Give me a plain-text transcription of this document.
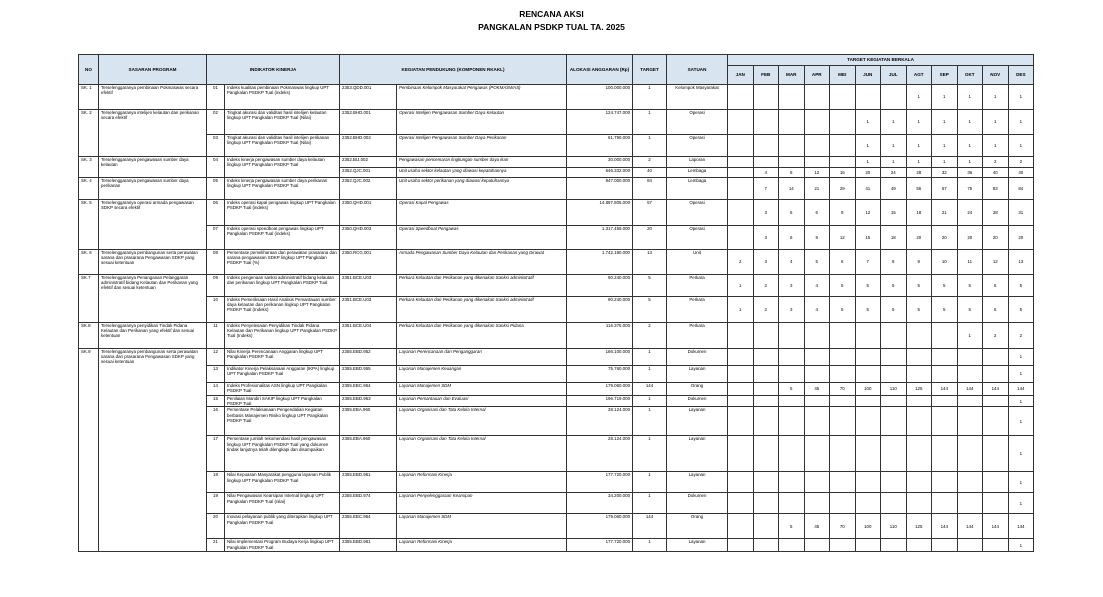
RENCANA AKSI
PANGKALAN PSDKP TUAL TA. 2025
NO	SASARAN PROGRAM	INDIKATOR KINERJA		KEGIATAN PENDUKUNG (KOMPONEN RKAKL)		ALOKASI ANGGARAN (Rp)	TARGET	SATUAN	TARGET KEGIATAN BERKALA											
									JAN	FEB	MAR	APR	MEI	JUN	JUL	AGT	SEP	OKT	NOV	DES
SK. 1	Terselenggaranya pembinaan Pokmaswas secara efektif	01	Indeks kualitas pembinaan Pokmaswas lingkup UPT Pangkalan PSDKP Tual (indeks)	2353.QDD.001	Pembinaan Kelompok Masyarakat Pengawas (POKMASWAS)	100.000.000	1	Kelompok Masyarakat								1	1	1	1	1
SK. 2	Terselenggaranya intelijen kelautan dan perikanan secara efektif	02	Tingkat akurasi dan validitas hasil intelijen kelautan lingkup UPT Pangkalan PSDKP Tual (Nilai)	2352.BHD.001	Operasi Intelijen Pengawasan Sumber Daya Kelautan	124.747.000	1	Operasi						1	1	1	1	1	1	1
		03	Tingkat akurasi dan validitas hasil intelijen perikanan lingkup UPT Pangkalan PSDKP Tual (Nilai)	2352.BHD.002	Operasi Intelijen Pengawasan Sumber Daya Perikanan	61.790.000	1	Operasi						1	1	1	1	1	1	1
SK. 3	Terselenggaranya pengawasan sumber daya kelautan	04	Indeks kinerja pengawasan sumber daya kelautan lingkup UPT Pangkalan PSDKP Tual	2352.BIJ.002	Pengawasan pencemaran lingkungan sumber daya ikan	30.000.000	2	Laporan						1	1	1	1	1	2	2
				2352.QJC.001	Unit usaha sektor kelautan yang diawasi kepatuhannya	646.332.000	40	Lembaga		4	8	12	16	20	24	28	32	36	40	40
SK. 4	Terselenggaranya pengawasan sumber daya perikanan	05	Indeks kinerja pengawasan sumber daya perikanan lingkup UPT Pangkalan PSDKP Tual	2352.QJC.002	Unit usaha sektor perikanan yang diawasi kepatuhannya	947.000.000	84	Lembaga		7	14	21	29	41	49	56	67	75	83	84
SK. 5	Terselenggaranya operasi armada pengawasan SDKP secara efektif	06	Indeks operasi kapal pengawas lingkup UPT Pangkalan PSDKP Tual (indeks)	2350.QHD.001	Operasi Kapal Pengawas	14.897.805.000	57	Operasi		3	6	6	9	12	15	18	21	24	28	31
		07	Indeks operasi speedboat pengawas lingkup UPT Pangkalan PSDKP Tual (indeks)	2350.QHD.003	Operasi Speedboat Pengawas	1.317.459.000	20	Operasi		3	6	9	12	15	18	20	20	20	20	20
SK. 6	Terselenggaranya pembangunan serta perawatan sarana dan prasarana Pengawasan SDKP yang sesuai ketentuan	08	Persentase pemeliharaan dan perawatan prasarana dan sarana pengawasan SDKP lingkup UPT Pangkalan PSDKP Tual (%)	2350.RCG.001	Armada Pengawasan Sumber Daya Kelautan dan Perikanan yang Dirawat	1.742.190.000	13	Unit	2	3	4	5	6	7	8	9	10	11	12	13
SK.7	Terselenggaranya Penanganan Pelanggaran administratif bidang Kelautan dan Perikanan yang efektif dan sesuai ketentuan	09	Indeks pengenaan sanksi administratif bidang kelautan dan perikanan lingkup UPT Pangkalan PSDKP Tual	2351.BCE.U03	Perkara Kelautan dan Perikanan yang dikenakan Sanksi administratif	90.240.000	5	Perkara	1	2	3	4	5	5	5	5	5	5	5	5
		10	Indeks Pemeriksaan Hasil Analisis Pemantauan sumber daya kelautan dan perikanan lingkup UPT Pangkalan PSDKP Tual (Indeks)	2351.BCE.U03	Perkara Kelautan dan Perikanan yang dikenakan Sanksi administratif	90.240.000	5	Perkara	1	2	3	4	5	5	5	5	5	5	5	5
SK.8	Terselenggaranya penyidikan Tindak Pidana Kelautan dan Perikanan yang efektif dan sesuai ketentuan	11	Indeks Penyelesaian Penyidikan Tindak Pidana Kelautan dan Perikanan lingkup UPT Pangkalan PSDKP Tual (Indeks)	2351.BCE.U04	Perkara Kelautan dan Perikanan yang dikenakan Sanksi Pidana	116.375.000	2	Perkara										1	2	2
SK.9	Terselenggaranya pembangunan serta perawatan sarana dan prasarana Pengawasan SDKP yang sesuai ketentuan	12	Nilai Kinerja Perencanaan Anggaran lingkup UPT Pangkalan PSDKP Tual	2355.EBD.952	Layanan Perencanaan dan Penganggaran	166.100.000	1	Dokumen												1
		13	Indikator Kinerja Pelaksanaan Anggaran (IKPA) lingkup UPT Pangkalan PSDKP Tual	2355.EBD.955	Layanan Manajemen Keuangan	75.760.000	1	Layanan												1
		14	Indeks Profesionalitas ASN lingkup UPT Pangkalan PSDKP Tual	2355.EBC.954	Layanan Manajemen SDM	179.060.000	144	Orang			5	45	70	100	110	125	144	144	144	144
		15	Penilaian Mandiri SAKIP lingkup UPT Pangkalan PSDKP Tual	2355.EBD.953	Layanan Pemantauan dan Evaluasi	196.719.000	1	Dokumen												1
		16	Persentase Pelaksanaan Pengendalian Kegiatan berbasis Manajemen Risiko lingkup UPT Pangkalan PSDKP Tual	2355.EBA.960	Layanan Organisasi dan Tata Kelola Internal	28.124.000	1	Layanan												1
		17	Persentase jumlah rekomendasi hasil pengawasan lingkup UPT Pangkalan PSDKP Tual yang dokumen tindak lanjutnya telah dilengkapi dan disampaikan	2355.EBA.960	Layanan Organisasi dan Tata Kelola Internal	28.124.000	1	Layanan												1
		18	Nilai Kepuasan Masyarakat pengguna layanan Publik lingkup UPT Pangkalan PSDKP Tual	2355.EBD.961	Layanan Reformasi Kinerja	177.720.000	1	Layanan												1
		19	Nilai Pengawasan Kearsipan Internal lingkup UPT Pangkalan PSDKP Tual (nilai)	2355.EBD.974	Layanan Penyelenggaraan Kearsipan	34.200.000	1	Dokumen												1
		20	Inovasi pelayanan publik yang diterapkan lingkup UPT Pangkalan PSDKP Tual	2355.EBC.954	Layanan Manajemen SDM	179.060.000	144	Orang			5	45	70	100	110	125	144	144	144	144
		21	Nilai Implementasi Program Budaya Kerja lingkup UPT Pangkalan PSDKP Tual	2355.EBD.961	Layanan Reformasi Kinerja	177.720.000	1	Layanan												1
